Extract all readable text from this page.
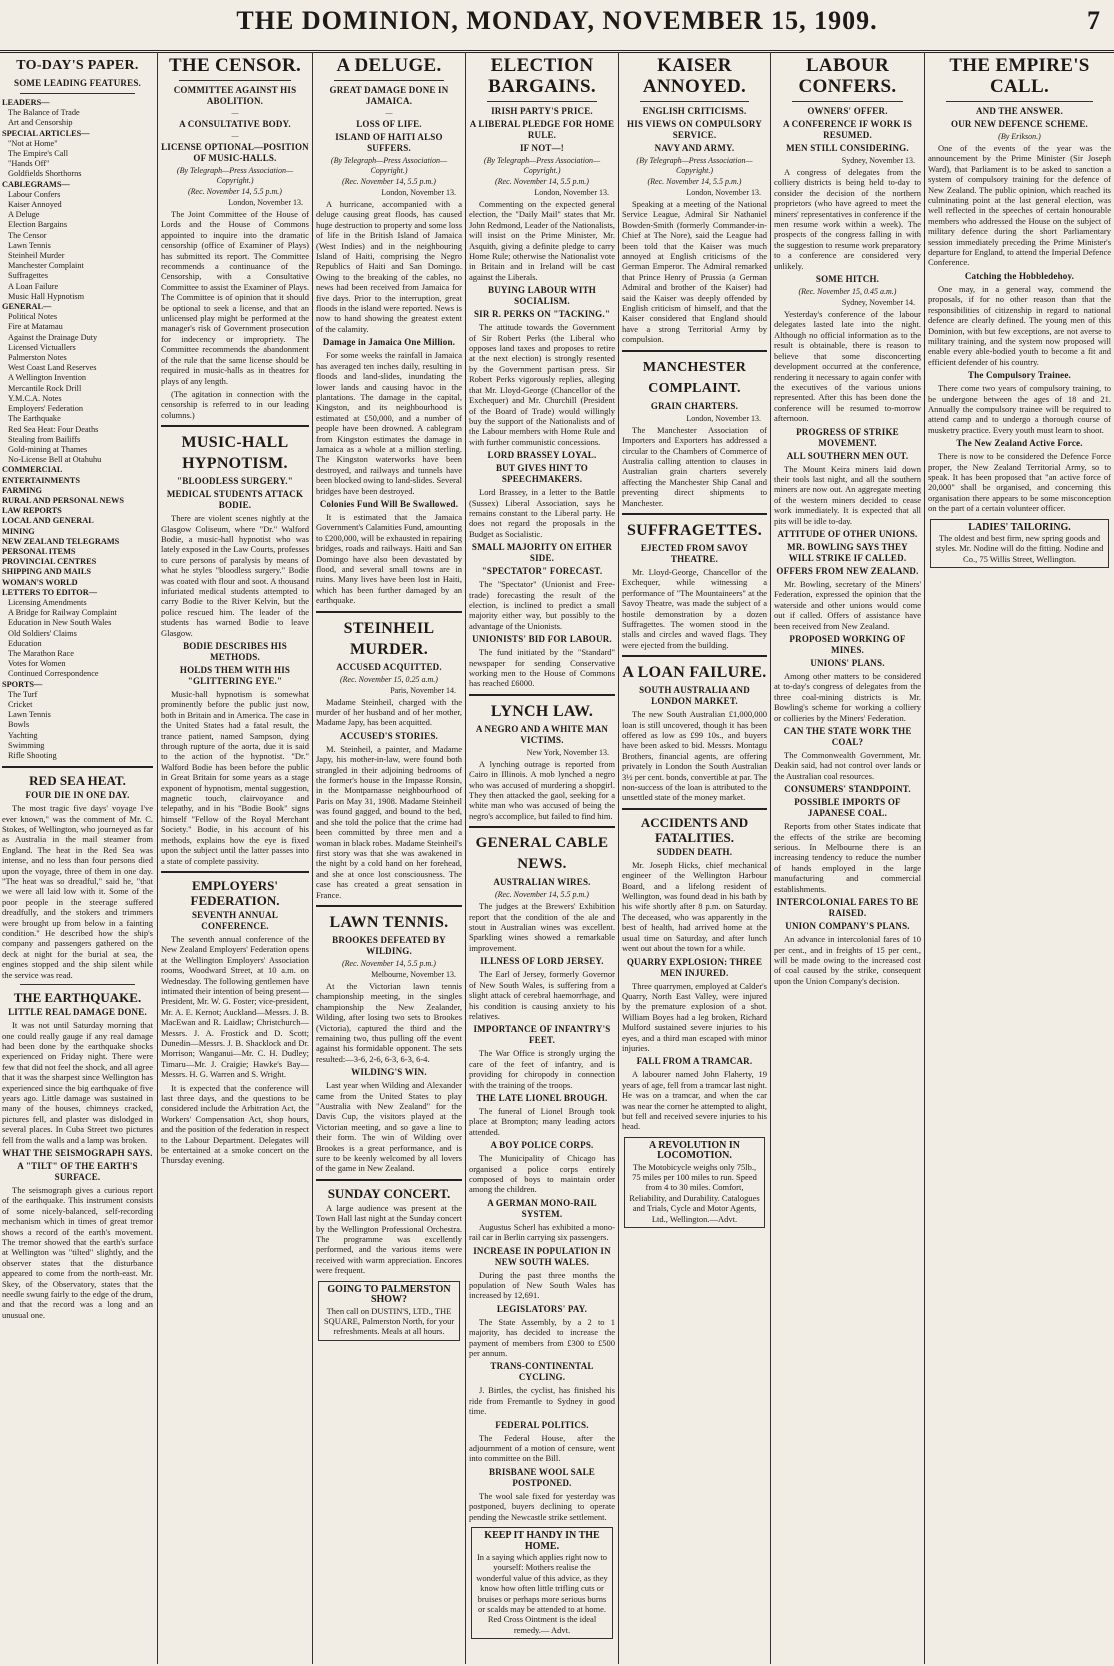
THE DOMINION, MONDAY, NOVEMBER 15, 1909.	7
TO-DAY'S PAPER.
SOME LEADING FEATURES.
LEADERS—
The Balance of Trade
Art and Censorship
SPECIAL ARTICLES—
"Not at Home"
The Empire's Call
"Hands Off"
Goldfields Shorthorns
CABLEGRAMS—
Labour Confers
Kaiser Annoyed
A Deluge
Election Bargains
The Censor
Lawn Tennis
Steinheil Murder
Manchester Complaint
Suffragettes
A Loan Failure
Music Hall Hypnotism
GENERAL—
Political Notes
Fire at Matamau
Against the Drainage Duty
Licensed Victuallers
Palmerston Notes
West Coast Land Reserves
A Wellington Invention
Mercantile Rock Drill
Y.M.C.A. Notes
Employers' Federation
The Earthquake
Red Sea Heat: Four Deaths
Stealing from Bailiffs
Gold-mining at Thames
No-License Bell at Otahuhu
COMMERCIAL
ENTERTAINMENTS
FARMING
RURAL AND PERSONAL NEWS
LAW REPORTS
LOCAL AND GENERAL
MINING
NEW ZEALAND TELEGRAMS
PERSONAL ITEMS
PROVINCIAL CENTRES
SHIPPING AND MAILS
WOMAN'S WORLD
LETTERS TO EDITOR—
Licensing Amendments
A Bridge for Railway Complaint
Education in New South Wales
Old Soldiers' Claims
Education
The Marathon Race
Votes for Women
Continued Correspondence
SPORTS—
The Turf
Cricket
Lawn Tennis
Bowls
Yachting
Swimming
Rifle Shooting
RED SEA HEAT.
FOUR DIE IN ONE DAY.

The most tragic five days' voyage I've ever known," was the comment of Mr. C. Stokes, of Wellington, who journeyed as far as Australia in the mail steamer from England. The heat in the Red Sea was intense, and no less than four persons died upon the voyage, three of them in one day. "The heat was so dreadful," said he, "that we were all laid low with it. Some of the poor people in the steerage suffered dreadfully, and the stokers and trimmers were brought up from below in a fainting condition." He described how the ship's company and passengers gathered on the deck at night for the burial at sea, the engines stopped and the ship silent while the service was read.

THE EARTHQUAKE.
LITTLE REAL DAMAGE DONE.

It was not until Saturday morning that one could really gauge if any real damage had been done by the earthquake shocks experienced on Friday night. There were few that did not feel the shock, and all agree that it was the sharpest since Wellington has experienced since the big earthquake of five years ago. Little damage was sustained in many of the houses, chimneys cracked, pictures fell, and plaster was dislodged in several places. In Cuba Street two pictures fell from the walls and a lamp was broken.

WHAT THE SEISMOGRAPH SAYS.
A "TILT" OF THE EARTH'S SURFACE.

The seismograph gives a curious report of the earthquake. This instrument consists of some nicely-balanced, self-recording mechanism which in times of great tremor shows a record of the earth's movement. The tremor showed that the earth's surface at Wellington was "tilted" slightly, and the observer states that the disturbance appeared to come from the north-east. Mr. Skey, of the Observatory, states that the needle swung fairly to the edge of the drum, and that the record was a long and an unusual one.

THE CENSOR.
COMMITTEE AGAINST HIS ABOLITION.
—
A CONSULTATIVE BODY.
—
LICENSE OPTIONAL—POSITION OF MUSIC-HALLS.
(By Telegraph—Press Association—Copyright.)
(Rec. November 14, 5.5 p.m.)
London, November 13.

The Joint Committee of the House of Lords and the House of Commons appointed to inquire into the dramatic censorship (office of Examiner of Plays) has submitted its report. The Committee recommends a continuance of the Censorship, with a Consultative Committee to assist the Examiner of Plays. The Committee is of opinion that it should be optional to seek a license, and that an unlicensed play might be performed at the manager's risk of Government prosecution for indecency or impropriety. The Committee recommends the abandonment of the rule that the same license should be required in music-halls as in theatres for plays of any length.

(The agitation in connection with the censorship is referred to in our leading columns.)

MUSIC-HALL HYPNOTISM.
"BLOODLESS SURGERY."
MEDICAL STUDENTS ATTACK BODIE.

There are violent scenes nightly at the Glasgow Coliseum, where "Dr." Walford Bodie, a music-hall hypnotist who was lately exposed in the Law Courts, professes to cure persons of paralysis by means of what he styles "bloodless surgery." Bodie was coated with flour and soot. A thousand infuriated medical students attempted to carry Bodie to the River Kelvin, but the police rescued him. The leader of the students has warned Bodie to leave Glasgow.

BODIE DESCRIBES HIS METHODS.
HOLDS THEM WITH HIS "GLITTERING EYE."

Music-hall hypnotism is somewhat prominently before the public just now, both in Britain and in America. The case in the United States had a fatal result, the trance patient, named Sampson, dying through rupture of the aorta, due it is said to the action of the hypnotist. "Dr." Walford Bodie has been before the public in Great Britain for some years as a stage exponent of hypnotism, mental suggestion, magnetic touch, clairvoyance and telepathy, and in his "Bodie Book" signs himself "Fellow of the Royal Merchant Society." Bodie, in his account of his methods, explains how the eye is fixed upon the subject until the latter passes into a state of complete passivity.

EMPLOYERS' FEDERATION.
SEVENTH ANNUAL CONFERENCE.

The seventh annual conference of the New Zealand Employers' Federation opens at the Wellington Employers' Association rooms, Woodward Street, at 10 a.m. on Wednesday. The following gentlemen have intimated their intention of being present—President, Mr. W. G. Foster; vice-president, Mr. A. E. Kernot; Auckland—Messrs. J. B. MacEwan and R. Laidlaw; Christchurch—Messrs. J. A. Frostick and D. Scott; Dunedin—Messrs. J. B. Shacklock and Dr. Morrison; Wanganui—Mr. C. H. Dudley; Timaru—Mr. J. Craigie; Hawke's Bay—Messrs. H. G. Warren and S. Wright.

It is expected that the conference will last three days, and the questions to be considered include the Arbitration Act, the Workers' Compensation Act, shop hours, and the position of the federation in respect to the Labour Department. Delegates will be entertained at a smoke concert on the Thursday evening.

A DELUGE.
GREAT DAMAGE DONE IN JAMAICA.
—
LOSS OF LIFE.
ISLAND OF HAITI ALSO SUFFERS.
(By Telegraph—Press Association—Copyright.)
(Rec. November 14, 5.5 p.m.)
London, November 13.

A hurricane, accompanied with a deluge causing great floods, has caused huge destruction to property and some loss of life in the British Island of Jamaica (West Indies) and in the neighbouring Island of Haiti, comprising the Negro Republics of Haiti and San Domingo. Owing to the breaking of the cables, no news had been received from Jamaica for five days. Prior to the interruption, great floods in the island were reported. News is now to hand showing the greatest extent of the calamity.

Damage in Jamaica One Million.

For some weeks the rainfall in Jamaica has averaged ten inches daily, resulting in floods and land-slides, inundating the lower lands and causing havoc in the plantations. The damage in the capital, Kingston, and its neighbourhood is estimated at £50,000, and a number of people have been drowned. A cablegram from Kingston estimates the damage in Jamaica as a whole at a million sterling. The Kingston waterworks have been destroyed, and railways and tunnels have been blocked owing to land-slides. Several bridges have been destroyed.

Colonies Fund Will Be Swallowed.

It is estimated that the Jamaica Government's Calamities Fund, amounting to £200,000, will be exhausted in repairing bridges, roads and railways. Haiti and San Domingo have also been devastated by flood, and several small towns are in ruins. Many lives have been lost in Haiti, which has been further damaged by an earthquake.

STEINHEIL MURDER.
ACCUSED ACQUITTED.
(Rec. November 15, 0.25 a.m.)
Paris, November 14.

Madame Steinheil, charged with the murder of her husband and of her mother, Madame Japy, has been acquitted.

ACCUSED'S STORIES.

M. Steinheil, a painter, and Madame Japy, his mother-in-law, were found both strangled in their adjoining bedrooms of the former's house in the Impasse Ronsin, in the Montparnasse neighbourhood of Paris on May 31, 1908. Madame Steinheil was found gagged, and bound to the bed, and she told the police that the crime had been committed by three men and a woman in black robes. Madame Steinheil's first story was that she was awakened in the night by a cold hand on her forehead, and she at once lost consciousness. The case has created a great sensation in France.

LAWN TENNIS.
BROOKES DEFEATED BY WILDING.
(Rec. November 14, 5.5 p.m.)
Melbourne, November 13.

At the Victorian lawn tennis championship meeting, in the singles championship the New Zealander, Wilding, after losing two sets to Brookes (Victoria), captured the third and the remaining two, thus pulling off the event against his formidable opponent. The sets resulted:—3-6, 2-6, 6-3, 6-3, 6-4.

WILDING'S WIN.

Last year when Wilding and Alexander came from the United States to play "Australia with New Zealand" for the Davis Cup, the visitors played at the Victorian meeting, and so gave a line to their form. The win of Wilding over Brookes is a great performance, and is sure to be keenly welcomed by all lovers of the game in New Zealand.

SUNDAY CONCERT.

A large audience was present at the Town Hall last night at the Sunday concert by the Wellington Professional Orchestra. The programme was excellently performed, and the various items were received with warm appreciation. Encores were frequent.

GOING TO PALMERSTON SHOW?
Then call on DUSTIN'S, LTD., THE SQUARE, Palmerston North, for your refreshments. Meals at all hours.
ELECTION BARGAINS.
IRISH PARTY'S PRICE.
A LIBERAL PLEDGE FOR HOME RULE.
IF NOT—!
(By Telegraph—Press Association—Copyright.)
(Rec. November 14, 5.5 p.m.)
London, November 13.

Commenting on the expected general election, the "Daily Mail" states that Mr. John Redmond, Leader of the Nationalists, will insist on the Prime Minister, Mr. Asquith, giving a definite pledge to carry Home Rule; otherwise the Nationalist vote in Britain and in Ireland will be cast against the Liberals.

BUYING LABOUR WITH SOCIALISM.
SIR R. PERKS ON "TACKING."

The attitude towards the Government of Sir Robert Perks (the Liberal who opposes land taxes and proposes to retire at the next election) is strongly resented by the Government partisan press. Sir Robert Perks vigorously replies, alleging that Mr. Lloyd-George (Chancellor of the Exchequer) and Mr. Churchill (President of the Board of Trade) would willingly buy the support of the Nationalists and of the Labour members with Home Rule and with further communistic concessions.

LORD BRASSEY LOYAL.
BUT GIVES HINT TO SPEECHMAKERS.

Lord Brassey, in a letter to the Battle (Sussex) Liberal Association, says he remains constant to the Liberal party. He does not regard the proposals in the Budget as Socialistic.

SMALL MAJORITY ON EITHER SIDE.
"SPECTATOR" FORECAST.

The "Spectator" (Unionist and Free-trade) forecasting the result of the election, is inclined to predict a small majority either way, but possibly to the advantage of the Unionists.

UNIONISTS' BID FOR LABOUR.

The fund initiated by the "Standard" newspaper for sending Conservative working men to the House of Commons has reached £6000.

LYNCH LAW.
A NEGRO AND A WHITE MAN VICTIMS.
New York, November 13.

A lynching outrage is reported from Cairo in Illinois. A mob lynched a negro who was accused of murdering a shopgirl. They then attacked the gaol, seeking for a white man who was accused of being the negro's accomplice, but failed to find him.

GENERAL CABLE NEWS.
AUSTRALIAN WIRES.
(Rec. November 14, 5.5 p.m.)

The judges at the Brewers' Exhibition report that the condition of the ale and stout in Australian wines was excellent. Sparkling wines showed a remarkable improvement.

ILLNESS OF LORD JERSEY.

The Earl of Jersey, formerly Governor of New South Wales, is suffering from a slight attack of cerebral haemorrhage, and his condition is causing anxiety to his relatives.

IMPORTANCE OF INFANTRY'S FEET.

The War Office is strongly urging the care of the feet of infantry, and is providing for chiropody in connection with the training of the troops.

THE LATE LIONEL BROUGH.

The funeral of Lionel Brough took place at Brompton; many leading actors attended.

A BOY POLICE CORPS.

The Municipality of Chicago has organised a police corps entirely composed of boys to maintain order among the children.

A GERMAN MONO-RAIL SYSTEM.

Augustus Scherl has exhibited a mono-rail car in Berlin carrying six passengers.

INCREASE IN POPULATION IN NEW SOUTH WALES.

During the past three months the population of New South Wales has increased by 12,691.

LEGISLATORS' PAY.

The State Assembly, by a 2 to 1 majority, has decided to increase the payment of members from £300 to £500 per annum.

TRANS-CONTINENTAL CYCLING.

J. Birtles, the cyclist, has finished his ride from Fremantle to Sydney in good time.

FEDERAL POLITICS.

The Federal House, after the adjournment of a motion of censure, went into committee on the Bill.

BRISBANE WOOL SALE POSTPONED.

The wool sale fixed for yesterday was postponed, buyers declining to operate pending the Newcastle strike settlement.

KEEP IT HANDY IN THE HOME.
In a saying which applies right now to yourself: Mothers realise the wonderful value of this advice, as they know how often little trifling cuts or bruises or perhaps more serious burns or scalds may be attended to at home. Red Cross Ointment is the ideal remedy.— Advt.
KAISER ANNOYED.
ENGLISH CRITICISMS.
HIS VIEWS ON COMPULSORY SERVICE.
NAVY AND ARMY.
(By Telegraph—Press Association—Copyright.)
(Rec. November 14, 5.5 p.m.)
London, November 13.

Speaking at a meeting of the National Service League, Admiral Sir Nathaniel Bowden-Smith (formerly Commander-in-Chief at The Nore), said the League had been told that the Kaiser was much annoyed at English criticisms of the German Emperor. The Admiral remarked that Prince Henry of Prussia (a German Admiral and brother of the Kaiser) had said the Kaiser was deeply offended by English criticism of himself, and that the Kaiser considered that England should have a strong Territorial Army by compulsion.

MANCHESTER COMPLAINT.
GRAIN CHARTERS.
London, November 13.

The Manchester Association of Importers and Exporters has addressed a circular to the Chambers of Commerce of Australia calling attention to clauses in Australian grain charters severely affecting the Manchester Ship Canal and preventing direct shipments to Manchester.

SUFFRAGETTES.
EJECTED FROM SAVOY THEATRE.

Mr. Lloyd-George, Chancellor of the Exchequer, while witnessing a performance of "The Mountaineers" at the Savoy Theatre, was made the subject of a hostile demonstration by a dozen Suffragettes. The women stood in the stalls and circles and waved flags. They were ejected from the building.

A LOAN FAILURE.
SOUTH AUSTRALIA AND LONDON MARKET.

The new South Australian £1,000,000 loan is still uncovered, though it has been offered as low as £99 10s., and buyers have been asked to bid. Messrs. Montagu Brothers, financial agents, are offering privately in London the South Australian 3½ per cent. bonds, convertible at par. The non-success of the loan is attributed to the unsettled state of the money market.

ACCIDENTS AND FATALITIES.
SUDDEN DEATH.

Mr. Joseph Hicks, chief mechanical engineer of the Wellington Harbour Board, and a lifelong resident of Wellington, was found dead in his bath by his wife shortly after 8 p.m. on Saturday. The deceased, who was apparently in the best of health, had arrived home at the usual time on Saturday, and after lunch went out about the town for a while.

QUARRY EXPLOSION: THREE MEN INJURED.

Three quarrymen, employed at Calder's Quarry, North East Valley, were injured by the premature explosion of a shot. William Boyes had a leg broken, Richard Mulford sustained severe injuries to his eyes, and a third man escaped with minor injuries.

FALL FROM A TRAMCAR.

A labourer named John Flaherty, 19 years of age, fell from a tramcar last night. He was on a tramcar, and when the car was near the corner he attempted to alight, but fell and received severe injuries to his head.

A REVOLUTION IN LOCOMOTION.
The Motobicycle weighs only 75lb., 75 miles per 100 miles to run. Speed from 4 to 30 miles. Comfort, Reliability, and Durability. Catalogues and Trials, Cycle and Motor Agents, Ltd., Wellington.—Advt.
LABOUR CONFERS.
OWNERS' OFFER.
A CONFERENCE IF WORK IS RESUMED.
MEN STILL CONSIDERING.
Sydney, November 13.

A congress of delegates from the colliery districts is being held to-day to consider the decision of the northern proprietors (who have agreed to meet the miners' representatives in conference if the men resume work within a week). The prospects of the congress falling in with the suggestion to resume work preparatory to a conference are considered very unlikely.

SOME HITCH.
(Rec. November 15, 0.45 a.m.)
Sydney, November 14.

Yesterday's conference of the labour delegates lasted late into the night. Although no official information as to the result is obtainable, there is reason to believe that some disconcerting development occurred at the conference, rendering it necessary to again confer with the executives of the various unions represented. After this has been done the conference will be resumed to-morrow afternoon.

PROGRESS OF STRIKE MOVEMENT.
ALL SOUTHERN MEN OUT.

The Mount Keira miners laid down their tools last night, and all the southern miners are now out. An aggregate meeting of the western miners decided to cease work immediately. It is expected that all pits will be idle to-day.

ATTITUDE OF OTHER UNIONS.
MR. BOWLING SAYS THEY WILL STRIKE IF CALLED.
OFFERS FROM NEW ZEALAND.

Mr. Bowling, secretary of the Miners' Federation, expressed the opinion that the waterside and other unions would come out if called. Offers of assistance have been received from New Zealand.

PROPOSED WORKING OF MINES.
UNIONS' PLANS.

Among other matters to be considered at to-day's congress of delegates from the three coal-mining districts is Mr. Bowling's scheme for working a colliery or collieries by the Miners' Federation.

CAN THE STATE WORK THE COAL?

The Commonwealth Government, Mr. Deakin said, had not control over lands or the Australian coal resources.

CONSUMERS' STANDPOINT.
POSSIBLE IMPORTS OF JAPANESE COAL.

Reports from other States indicate that the effects of the strike are becoming serious. In Melbourne there is an increasing tendency to reduce the number of hands employed in the large manufacturing and commercial establishments.

INTERCOLONIAL FARES TO BE RAISED.
UNION COMPANY'S PLANS.

An advance in intercolonial fares of 10 per cent., and in freights of 15 per cent., will be made owing to the increased cost of coal caused by the strike, consequent upon the Union Company's decision.

THE EMPIRE'S CALL.
AND THE ANSWER.
OUR NEW DEFENCE SCHEME.
(By Erikson.)

One of the events of the year was the announcement by the Prime Minister (Sir Joseph Ward), that Parliament is to be asked to sanction a system of compulsory training for the defence of New Zealand. The public opinion, which reached its culminating point at the last general election, was well reflected in the speeches of certain honourable members who addressed the House on the subject of military defence during the short Parliamentary session immediately preceding the Prime Minister's departure for England, to attend the Imperial Defence Conference.

Catching the Hobbledehoy.

One may, in a general way, commend the proposals, if for no other reason than that the responsibilities of citizenship in regard to national defence are clearly defined. The young men of this Dominion, with but few exceptions, are not averse to military training, and the system now proposed will enable every able-bodied youth to become a fit and efficient defender of his country.

The Compulsory Trainee.

There come two years of compulsory training, to be undergone between the ages of 18 and 21. Annually the compulsory trainee will be required to attend camp and to undergo a thorough course of musketry practice. Every youth must learn to shoot.

The New Zealand Active Force.

There is now to be considered the Defence Force proper, the New Zealand Territorial Army, so to speak. It has been proposed that "an active force of 20,000" shall be organised, and concerning this organisation there appears to be some misconception on the part of a certain volunteer officer.

LADIES' TAILORING.
The oldest and best firm, new spring goods and styles. Mr. Nodine will do the fitting. Nodine and Co., 75 Willis Street, Wellington.
